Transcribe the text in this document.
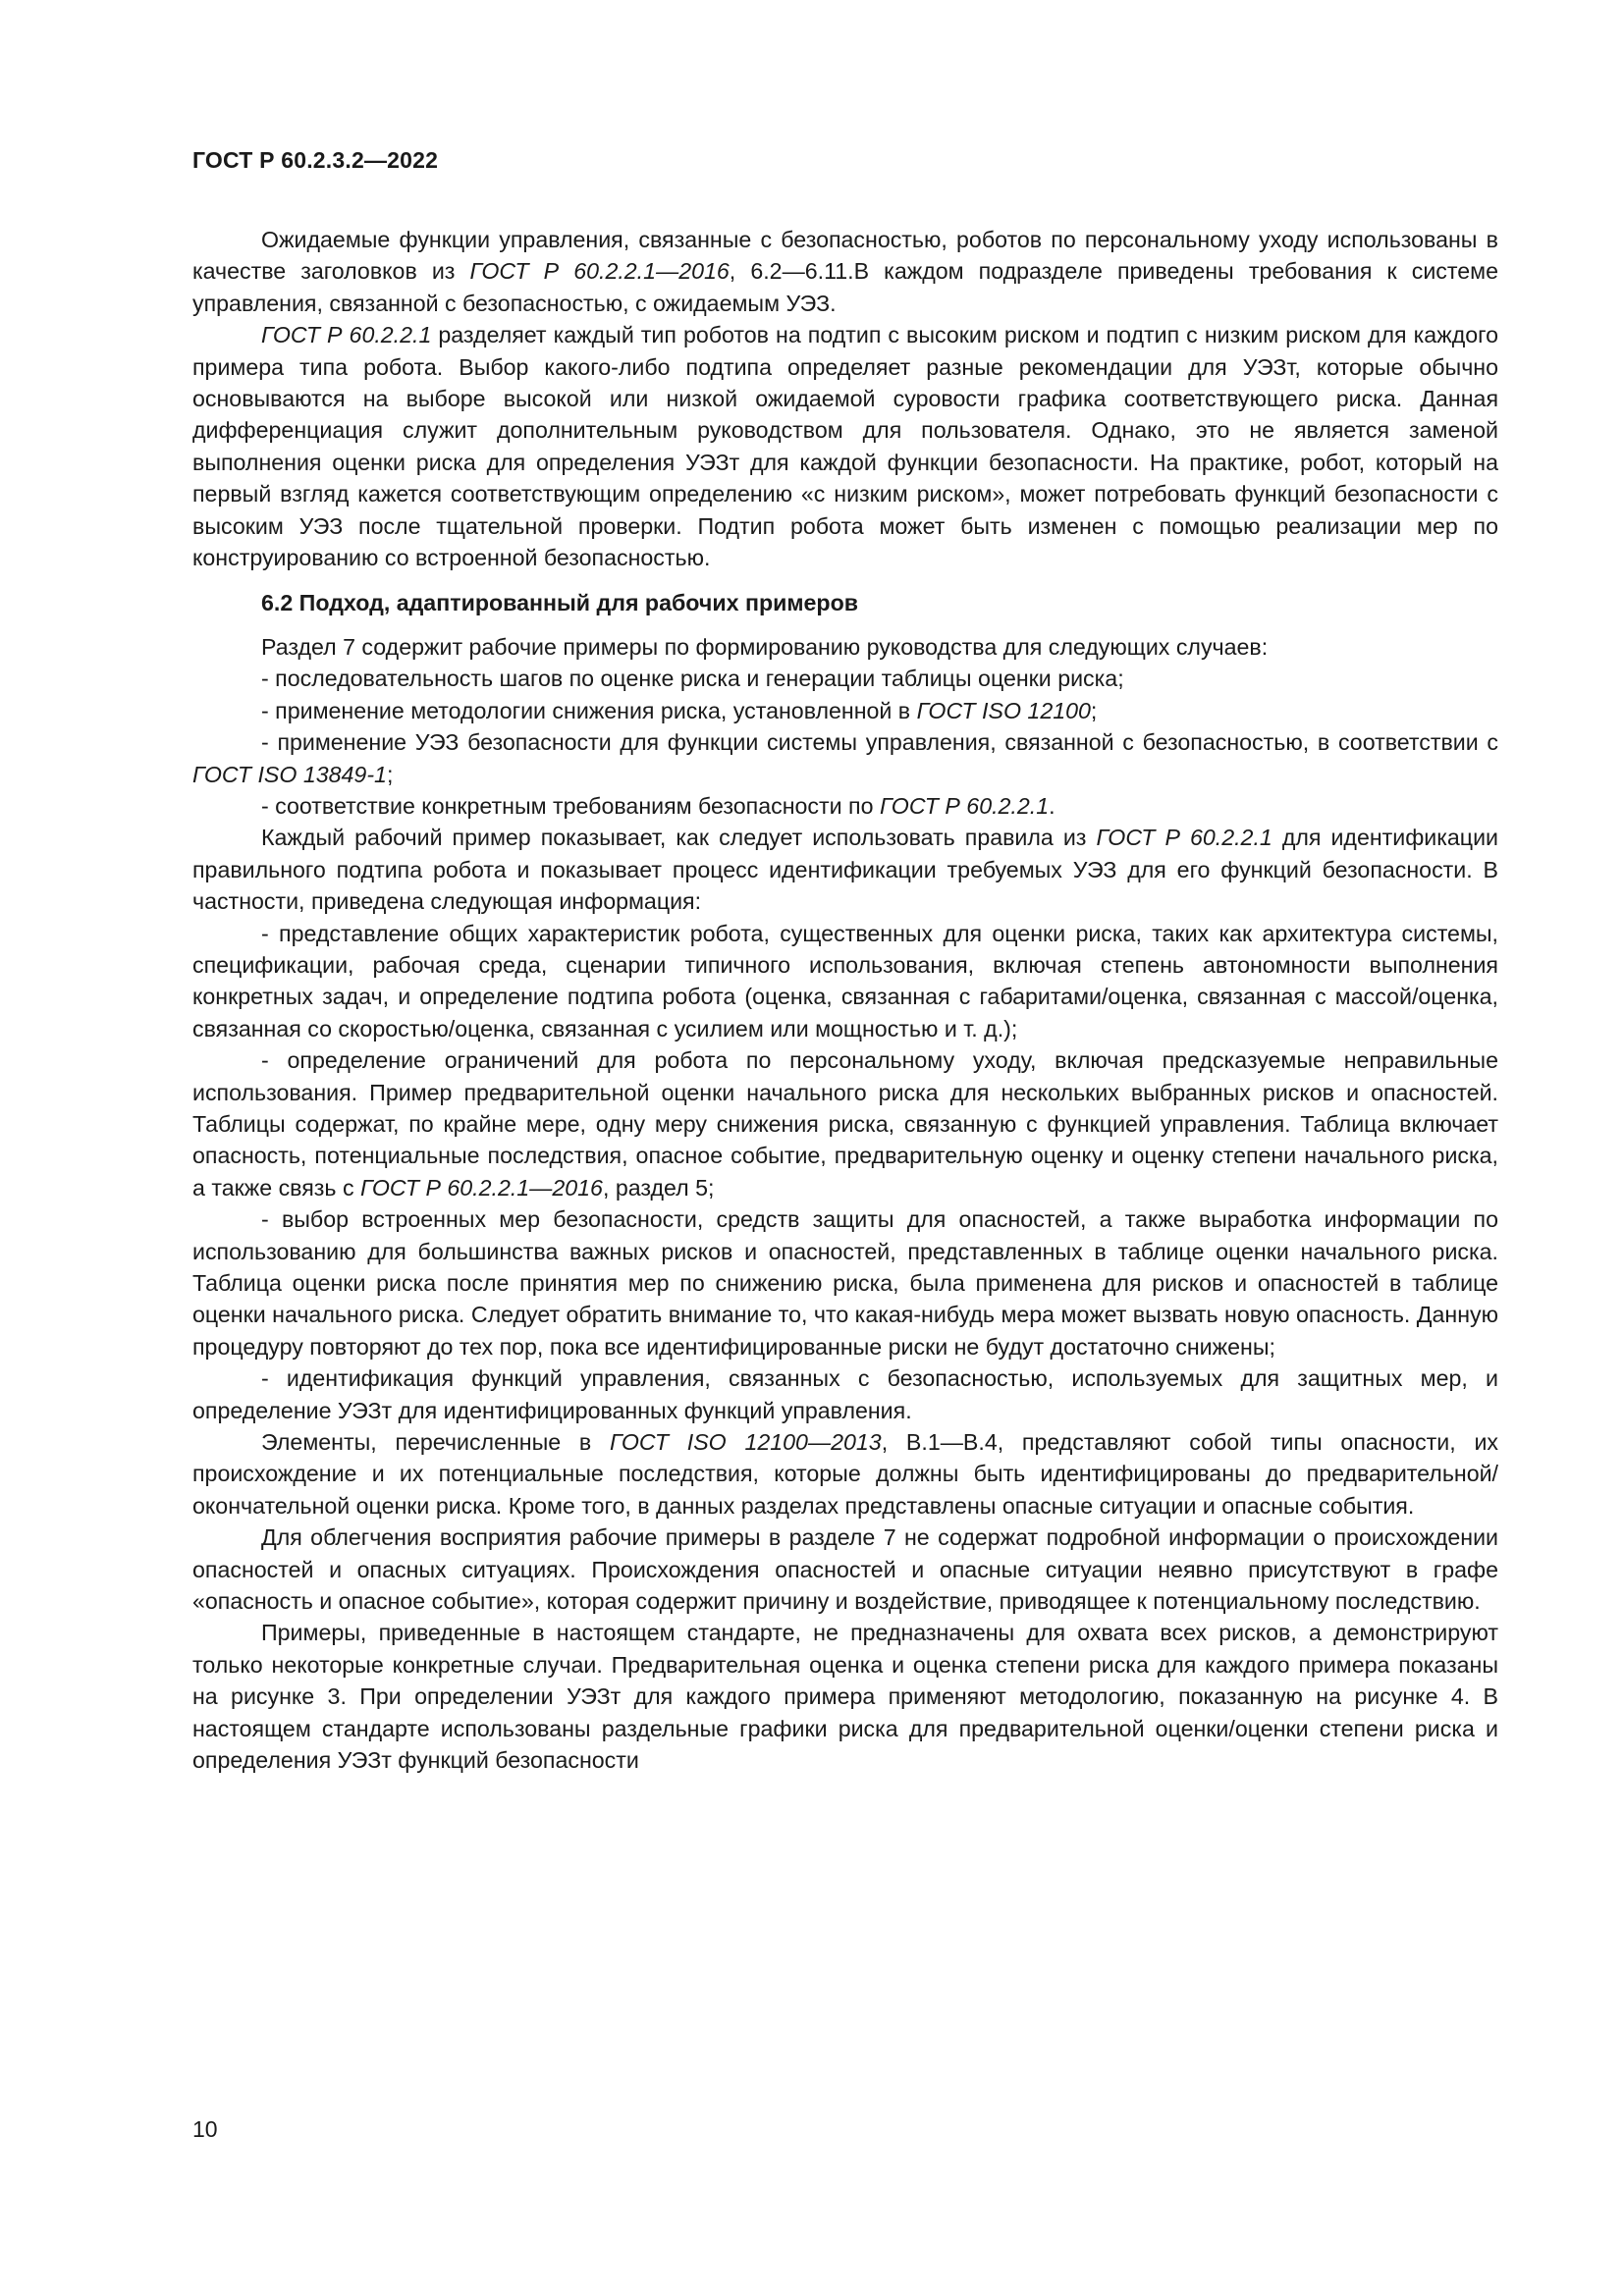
ГОСТ Р 60.2.3.2—2022

Ожидаемые функции управления, связанные с безопасностью, роботов по персональному уходу использованы в качестве заголовков из ГОСТ Р 60.2.2.1—2016, 6.2—6.11.В каждом подразделе приведены требования к системе управления, связанной с безопасностью, с ожидаемым УЭЗ.

ГОСТ Р 60.2.2.1 разделяет каждый тип роботов на подтип с высоким риском и подтип с низким риском для каждого примера типа робота. Выбор какого-либо подтипа определяет разные рекомендации для УЭЗт, которые обычно основываются на выборе высокой или низкой ожидаемой суровости графика соответствующего риска. Данная дифференциация служит дополнительным руководством для пользователя. Однако, это не является заменой выполнения оценки риска для определения УЭЗт для каждой функции безопасности. На практике, робот, который на первый взгляд кажется соответствующим определению «с низким риском», может потребовать функций безопасности с высоким УЭЗ после тщательной проверки. Подтип робота может быть изменен с помощью реализации мер по конструированию со встроенной безопасностью.

6.2 Подход, адаптированный для рабочих примеров

Раздел 7 содержит рабочие примеры по формированию руководства для следующих случаев:

- последовательность шагов по оценке риска и генерации таблицы оценки риска;

- применение методологии снижения риска, установленной в ГОСТ ISO 12100;

- применение УЭЗ безопасности для функции системы управления, связанной с безопасностью, в соответствии с ГОСТ ISO 13849-1;

- соответствие конкретным требованиям безопасности по ГОСТ Р 60.2.2.1.

Каждый рабочий пример показывает, как следует использовать правила из ГОСТ Р 60.2.2.1 для идентификации правильного подтипа робота и показывает процесс идентификации требуемых УЭЗ для его функций безопасности. В частности, приведена следующая информация:

- представление общих характеристик робота, существенных для оценки риска, таких как архитектура системы, спецификации, рабочая среда, сценарии типичного использования, включая степень автономности выполнения конкретных задач, и определение подтипа робота (оценка, связанная с габаритами/оценка, связанная с массой/оценка, связанная со скоростью/оценка, связанная с усилием или мощностью и т. д.);

- определение ограничений для робота по персональному уходу, включая предсказуемые неправильные использования. Пример предварительной оценки начального риска для нескольких выбранных рисков и опасностей. Таблицы содержат, по крайне мере, одну меру снижения риска, связанную с функцией управления. Таблица включает опасность, потенциальные последствия, опасное событие, предварительную оценку и оценку степени начального риска, а также связь с ГОСТ Р 60.2.2.1—2016, раздел 5;

- выбор встроенных мер безопасности, средств защиты для опасностей, а также выработка информации по использованию для большинства важных рисков и опасностей, представленных в таблице оценки начального риска. Таблица оценки риска после принятия мер по снижению риска, была применена для рисков и опасностей в таблице оценки начального риска. Следует обратить внимание то, что какая-нибудь мера может вызвать новую опасность. Данную процедуру повторяют до тех пор, пока все идентифицированные риски не будут достаточно снижены;

- идентификация функций управления, связанных с безопасностью, используемых для защитных мер, и определение УЭЗт для идентифицированных функций управления.

Элементы, перечисленные в ГОСТ ISO 12100—2013, В.1—В.4, представляют собой типы опасности, их происхождение и их потенциальные последствия, которые должны быть идентифицированы до предварительной/окончательной оценки риска. Кроме того, в данных разделах представлены опасные ситуации и опасные события.

Для облегчения восприятия рабочие примеры в разделе 7 не содержат подробной информации о происхождении опасностей и опасных ситуациях. Происхождения опасностей и опасные ситуации неявно присутствуют в графе «опасность и опасное событие», которая содержит причину и воздействие, приводящее к потенциальному последствию.

Примеры, приведенные в настоящем стандарте, не предназначены для охвата всех рисков, а демонстрируют только некоторые конкретные случаи. Предварительная оценка и оценка степени риска для каждого примера показаны на рисунке 3. При определении УЭЗт для каждого примера применяют методологию, показанную на рисунке 4. В настоящем стандарте использованы раздельные графики риска для предварительной оценки/оценки степени риска и определения УЭЗт функций безопасности

10
